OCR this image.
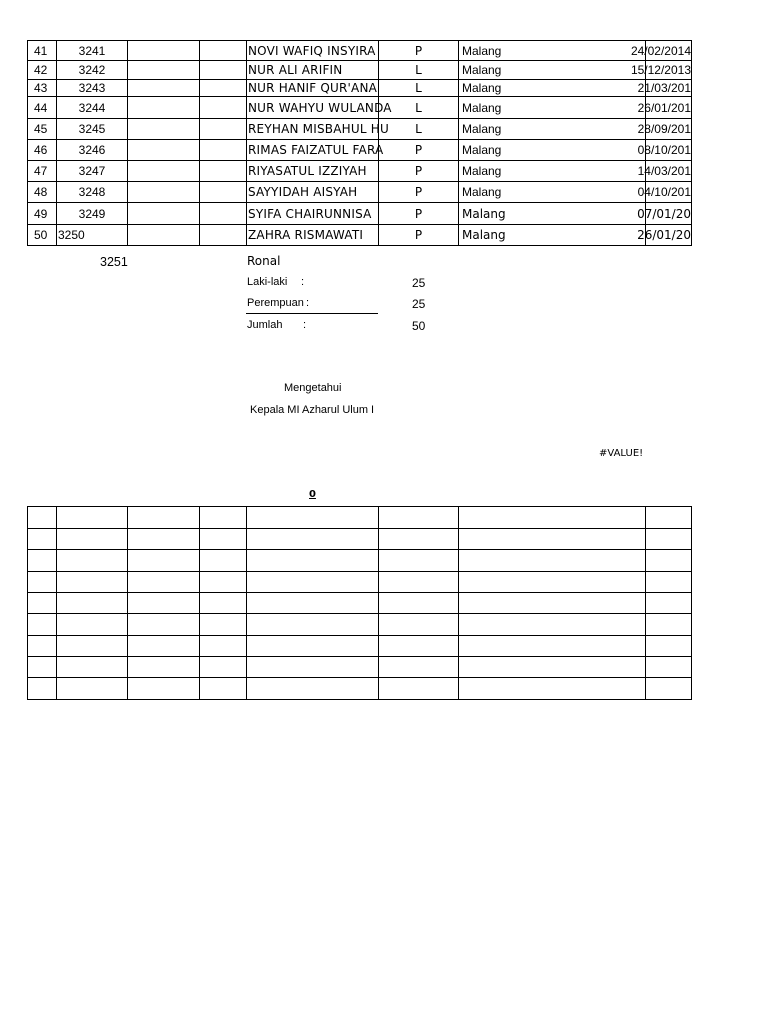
41	3241			NOVI WAFIQ INSYIRA	P	Malang	24/02/2014
42	3242			NUR ALI ARIFIN	L	Malang	15/12/2013
43	3243			NUR HANIF QUR'ANA	L	Malang	21/03/201
44	3244			NUR WAHYU WULANDA	L	Malang	26/01/201
45	3245			REYHAN MISBAHUL HU	L	Malang	28/09/201
46	3246			RIMAS FAIZATUL FARA	P	Malang	08/10/201
47	3247			RIYASATUL IZZIYAH	P	Malang	14/03/201
48	3248			SAYYIDAH AISYAH	P	Malang	04/10/201
49	3249			SYIFA CHAIRUNNISA	P	Malang	07/01/20
50	3250			ZAHRA RISMAWATI	P	Malang	26/01/20
3251	Ronal
Laki-laki :	25
Perempuan :	25
Jumlah :	50
Mengetahui
Kepala MI Azharul Ulum I
#VALUE!
0
